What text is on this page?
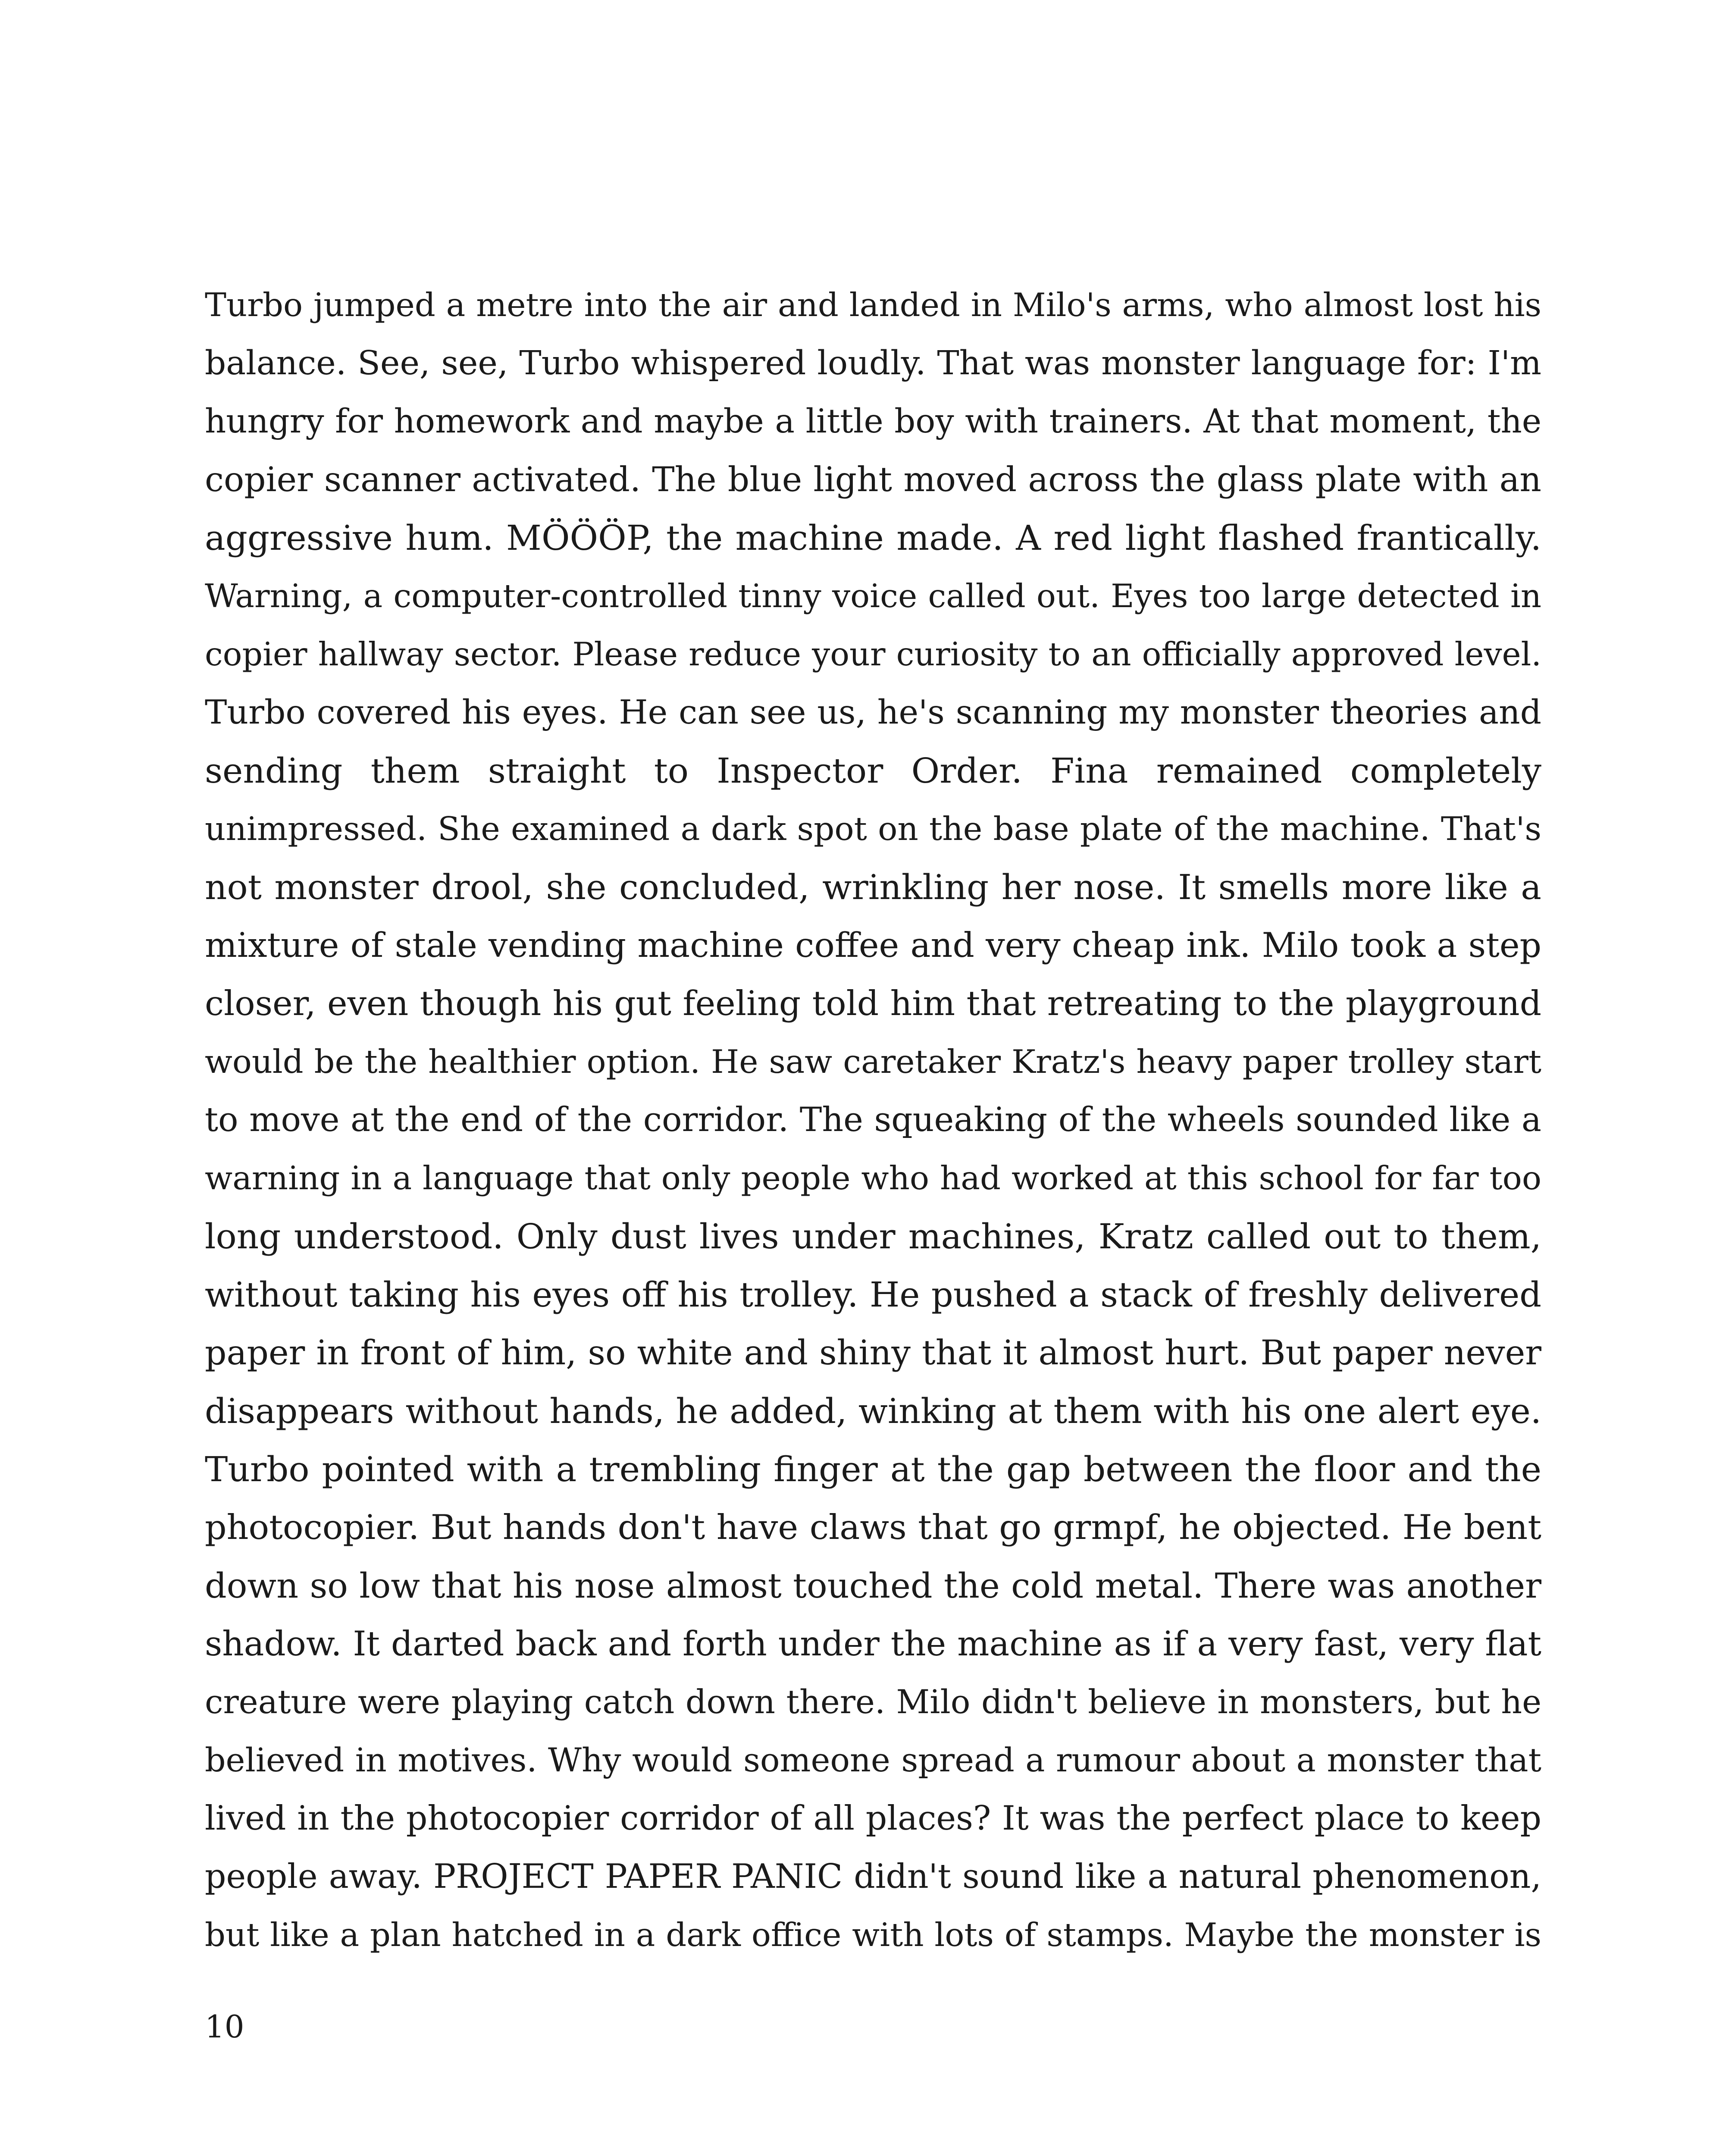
Turbo jumped a metre into the air and landed in Milo's arms, who almost lost his
balance. See, see, Turbo whispered loudly. That was monster language for: I'm
hungry for homework and maybe a little boy with trainers. At that moment, the
copier scanner activated. The blue light moved across the glass plate with an
aggressive hum. MÖÖÖP, the machine made. A red light flashed frantically.
Warning, a computer-controlled tinny voice called out. Eyes too large detected in
copier hallway sector. Please reduce your curiosity to an officially approved level.
Turbo covered his eyes. He can see us, he's scanning my monster theories and
sending them straight to Inspector Order. Fina remained completely
unimpressed. She examined a dark spot on the base plate of the machine. That's
not monster drool, she concluded, wrinkling her nose. It smells more like a
mixture of stale vending machine coffee and very cheap ink. Milo took a step
closer, even though his gut feeling told him that retreating to the playground
would be the healthier option. He saw caretaker Kratz's heavy paper trolley start
to move at the end of the corridor. The squeaking of the wheels sounded like a
warning in a language that only people who had worked at this school for far too
long understood. Only dust lives under machines, Kratz called out to them,
without taking his eyes off his trolley. He pushed a stack of freshly delivered
paper in front of him, so white and shiny that it almost hurt. But paper never
disappears without hands, he added, winking at them with his one alert eye.
Turbo pointed with a trembling finger at the gap between the floor and the
photocopier. But hands don't have claws that go grmpf, he objected. He bent
down so low that his nose almost touched the cold metal. There was another
shadow. It darted back and forth under the machine as if a very fast, very flat
creature were playing catch down there. Milo didn't believe in monsters, but he
believed in motives. Why would someone spread a rumour about a monster that
lived in the photocopier corridor of all places? It was the perfect place to keep
people away. PROJECT PAPER PANIC didn't sound like a natural phenomenon,
but like a plan hatched in a dark office with lots of stamps. Maybe the monster is
10
